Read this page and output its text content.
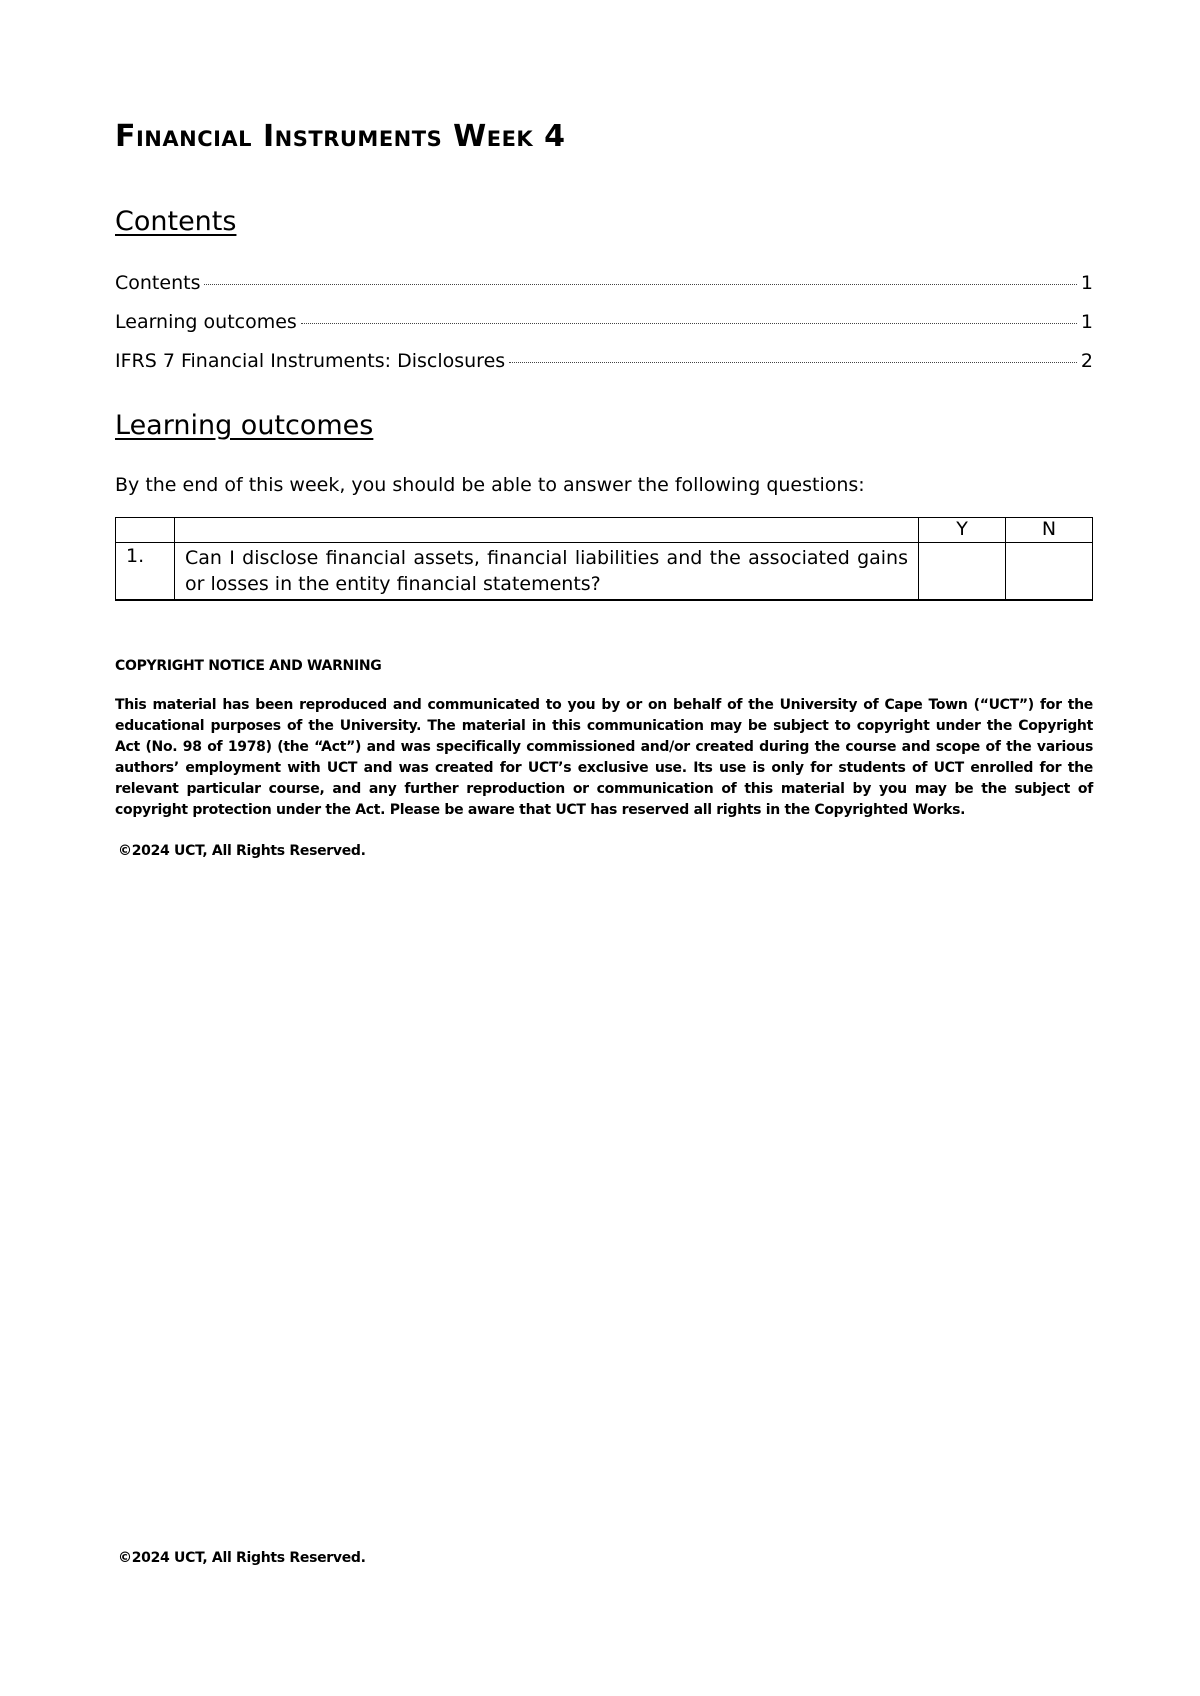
Financial Instruments Week 4
Contents
Contents	1
Learning outcomes	1
IFRS 7 Financial Instruments: Disclosures	2
Learning outcomes

By the end of this week, you should be able to answer the following questions:

		Y	N
1.	Can I disclose financial assets, financial liabilities and the associated gains or losses in the entity financial statements?		

COPYRIGHT NOTICE AND WARNING

This material has been reproduced and communicated to you by or on behalf of the University of Cape Town (“UCT”) for the educational purposes of the University. The material in this communication may be subject to copyright under the Copyright Act (No. 98 of 1978) (the “Act”) and was specifically commissioned and/or created during the course and scope of the various authors’ employment with UCT and was created for UCT’s exclusive use. Its use is only for students of UCT enrolled for the relevant particular course, and any further reproduction or communication of this material by you may be the subject of copyright protection under the Act. Please be aware that UCT has reserved all rights in the Copyrighted Works.

©2024 UCT, All Rights Reserved.

©2024 UCT, All Rights Reserved.
